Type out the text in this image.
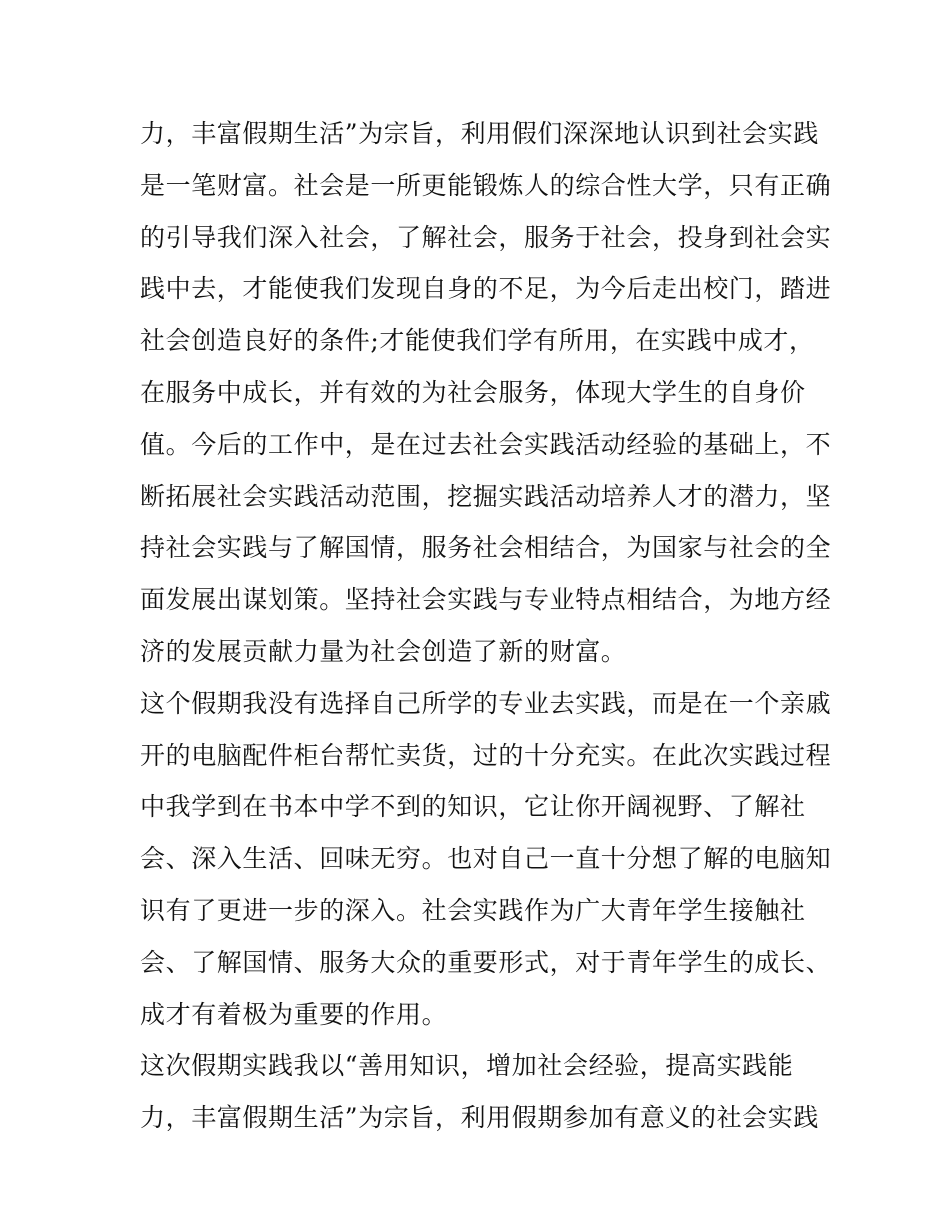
力，丰富假期生活”为宗旨，利用假们深深地认识到社会实践
是一笔财富。社会是一所更能锻炼人的综合性大学，只有正确
的引导我们深入社会，了解社会，服务于社会，投身到社会实
践中去，才能使我们发现自身的不足，为今后走出校门，踏进
社会创造良好的条件;才能使我们学有所用，在实践中成才，
在服务中成长，并有效的为社会服务，体现大学生的自身价
值。今后的工作中，是在过去社会实践活动经验的基础上，不
断拓展社会实践活动范围，挖掘实践活动培养人才的潜力，坚
持社会实践与了解国情，服务社会相结合，为国家与社会的全
面发展出谋划策。坚持社会实践与专业特点相结合，为地方经
济的发展贡献力量为社会创造了新的财富。
这个假期我没有选择自己所学的专业去实践，而是在一个亲戚
开的电脑配件柜台帮忙卖货，过的十分充实。在此次实践过程
中我学到在书本中学不到的知识，它让你开阔视野、了解社
会、深入生活、回味无穷。也对自己一直十分想了解的电脑知
识有了更进一步的深入。社会实践作为广大青年学生接触社
会、了解国情、服务大众的重要形式，对于青年学生的成长、
成才有着极为重要的作用。
这次假期实践我以“善用知识，增加社会经验，提高实践能
力，丰富假期生活”为宗旨，利用假期参加有意义的社会实践
